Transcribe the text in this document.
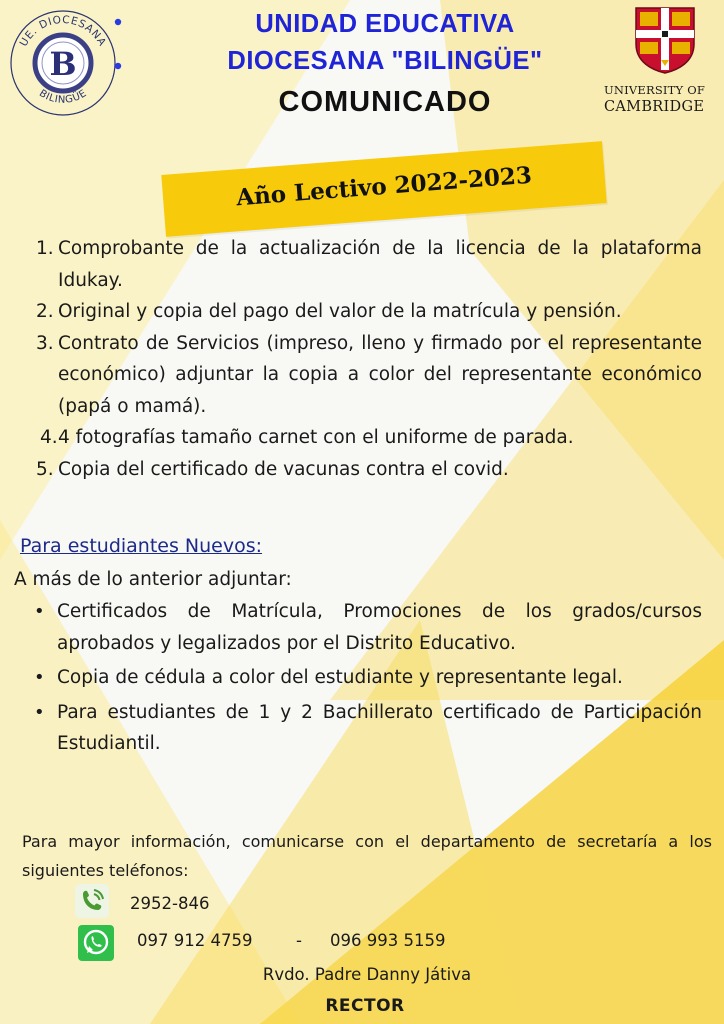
B
UE. DIOCESANA
BILINGÜE
UNIDAD EDUCATIVA
DIOCESANA "BILINGÜE"
COMUNICADO	UNIVERSITY OF
CAMBRIDGE
Año Lectivo 2022-2023
1. Comprobante de la actualización de la licencia de la plataforma Idukay.
2. Original y copia del pago del valor de la matrícula y pensión.
3. Contrato de Servicios (impreso, lleno y firmado por el representante económico) adjuntar la copia a color del representante económico (papá o mamá).
4. 4 fotografías tamaño carnet con el uniforme de parada.
5. Copia del certificado de vacunas contra el covid.
Para estudiantes Nuevos:
A más de lo anterior adjuntar:
• Certificados de Matrícula, Promociones de los grados/cursos aprobados y legalizados por el Distrito Educativo.
• Copia de cédula a color del estudiante y representante legal.
• Para estudiantes de 1 y 2 Bachillerato certificado de Participación Estudiantil.
Para mayor información, comunicarse con el departamento de secretaría a los siguientes teléfonos:
2952-846
097 912 4759	- 096 993 5159
Rvdo. Padre Danny Játiva
RECTOR
